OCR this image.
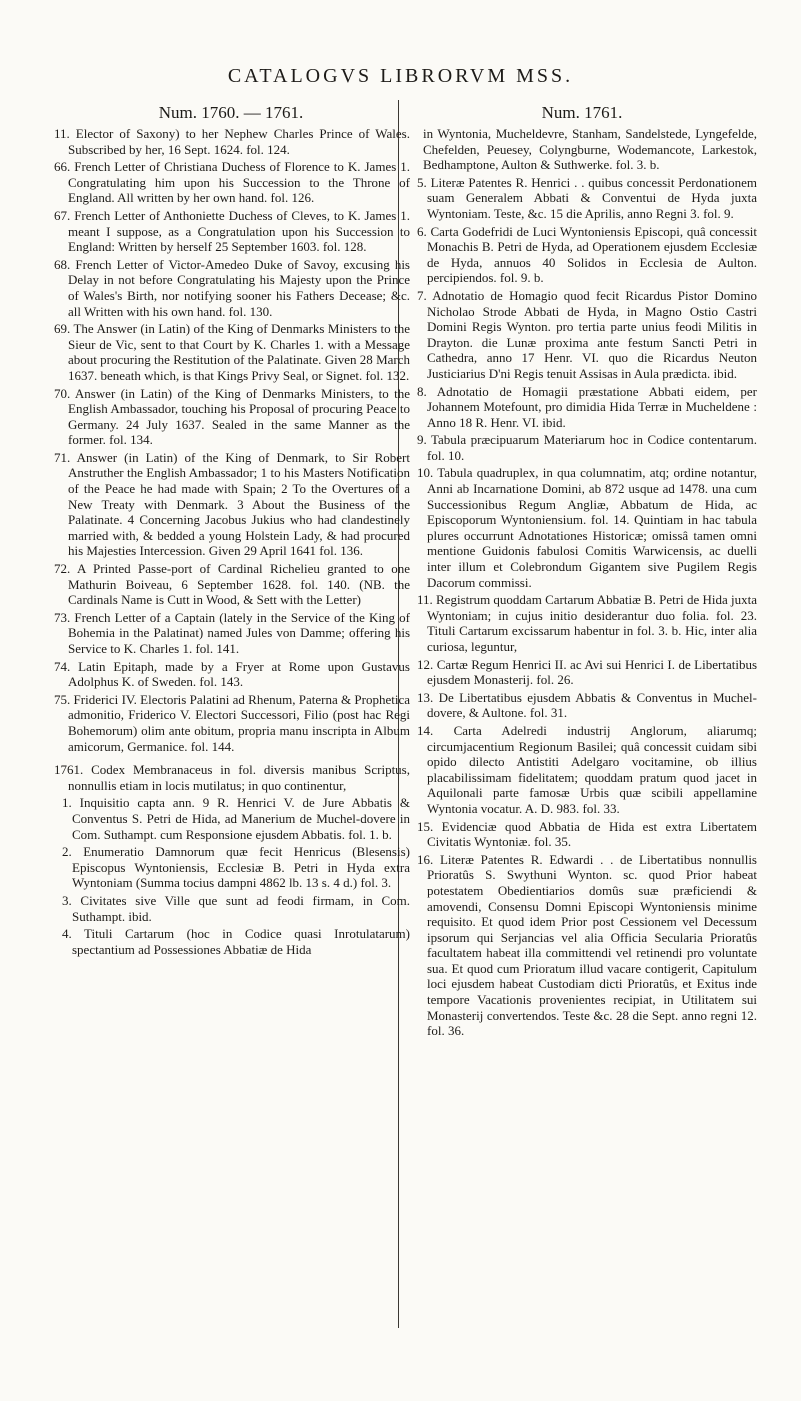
CATALOGVS LIBRORVM MSS.
Num. 1760. — 1761.
11. Elector of Saxony) to her Nephew Charles Prince of Wales. Subscribed by her, 16 Sept. 1624. fol. 124.
66. French Letter of Christiana Duchess of Florence to K. James 1. Congratulating him upon his Succession to the Throne of England. All written by her own hand. fol. 126.
67. French Letter of Anthoniette Duchess of Cleves, to K. James 1. meant I suppose, as a Congratulation upon his Succession to England: Written by herself 25 September 1603. fol. 128.
68. French Letter of Victor-Amedeo Duke of Savoy, excusing his Delay in not before Congratulating his Majesty upon the Prince of Wales's Birth, nor notifying sooner his Fathers Decease; &c. all Written with his own hand. fol. 130.
69. The Answer (in Latin) of the King of Denmarks Ministers to the Sieur de Vic, sent to that Court by K. Charles 1. with a Message about procuring the Restitution of the Palatinate. Given 28 March 1637. beneath which, is that Kings Privy Seal, or Signet. fol. 132.
70. Answer (in Latin) of the King of Denmarks Ministers, to the English Ambassador, touching his Proposal of procuring Peace to Germany. 24 July 1637. Sealed in the same Manner as the former. fol. 134.
71. Answer (in Latin) of the King of Denmark, to Sir Robert Anstruther the English Ambassador; 1 to his Masters Notification of the Peace he had made with Spain; 2 To the Overtures of a New Treaty with Denmark. 3 About the Business of the Palatinate. 4 Concerning Jacobus Jukius who had clandestinely married with, & bedded a young Holstein Lady, & had procured his Majesties Intercession. Given 29 April 1641 fol. 136.
72. A Printed Passe-port of Cardinal Richelieu granted to one Mathurin Boiveau, 6 September 1628. fol. 140. (NB. the Cardinals Name is Cutt in Wood, & Sett with the Letter)
73. French Letter of a Captain (lately in the Service of the King of Bohemia in the Palatinat) named Jules von Damme; offering his Service to K. Charles 1. fol. 141.
74. Latin Epitaph, made by a Fryer at Rome upon Gustavus Adolphus K. of Sweden. fol. 143.
75. Friderici IV. Electoris Palatini ad Rhenum, Paterna & Prophetica admonitio, Friderico V. Electori Successori, Filio (post hac Regi Bohemorum) olim ante obitum, propria manu inscripta in Album amicorum, Germanice. fol. 144.
1761. Codex Membranaceus in fol. diversis manibus Scriptus, nonnullis etiam in locis mutilatus; in quo continentur,
1. Inquisitio capta ann. 9 R. Henrici V. de Jure Abbatis & Conventus S. Petri de Hida, ad Manerium de Muchel-dovere in Com. Suthampt. cum Responsione ejusdem Abbatis. fol. 1. b.
2. Enumeratio Damnorum quæ fecit Henricus (Blesensis) Episcopus Wyntoniensis, Ecclesiæ B. Petri in Hyda extra Wyntoniam (Summa tocius dampni 4862 lb. 13 s. 4 d.) fol. 3.
3. Civitates sive Ville que sunt ad feodi firmam, in Com. Suthampt. ibid.
4. Tituli Cartarum (hoc in Codice quasi Inrotulatarum) spectantium ad Possessiones Abbatiæ de Hida
Num. 1761.
in Wyntonia, Mucheldevre, Stanham, Sandelstede, Lyngefelde, Chefelden, Peuesey, Colyngburne, Wodemancote, Larkestok, Bedhamptone, Aulton & Suthwerke. fol. 3. b.
5. Literæ Patentes R. Henrici . . quibus concessit Perdonationem suam Generalem Abbati & Conventui de Hyda juxta Wyntoniam. Teste, &c. 15 die Aprilis, anno Regni 3. fol. 9.
6. Carta Godefridi de Luci Wyntoniensis Episcopi, quâ concessit Monachis B. Petri de Hyda, ad Operationem ejusdem Ecclesiæ de Hyda, annuos 40 Solidos in Ecclesia de Aulton. percipiendos. fol. 9. b.
7. Adnotatio de Homagio quod fecit Ricardus Pistor Domino Nicholao Strode Abbati de Hyda, in Magno Ostio Castri Domini Regis Wynton. pro tertia parte unius feodi Militis in Drayton. die Lunæ proxima ante festum Sancti Petri in Cathedra, anno 17 Henr. VI. quo die Ricardus Neuton Justiciarius D'ni Regis tenuit Assisas in Aula prædicta. ibid.
8. Adnotatio de Homagii præstatione Abbati eidem, per Johannem Motefount, pro dimidia Hida Terræ in Mucheldene : Anno 18 R. Henr. VI. ibid.
9. Tabula præcipuarum Materiarum hoc in Codice contentarum. fol. 10.
10. Tabula quadruplex, in qua columnatim, atq; ordine notantur, Anni ab Incarnatione Domini, ab 872 usque ad 1478. una cum Successionibus Regum Angliæ, Abbatum de Hida, ac Episcoporum Wyntoniensium. fol. 14. Quintiam in hac tabula plures occurrunt Adnotationes Historicæ; omissâ tamen omni mentione Guidonis fabulosi Comitis Warwicensis, ac duelli inter illum et Colebrondum Gigantem sive Pugilem Regis Dacorum commissi.
11. Registrum quoddam Cartarum Abbatiæ B. Petri de Hida juxta Wyntoniam; in cujus initio desiderantur duo folia. fol. 23. Tituli Cartarum excissarum habentur in fol. 3. b. Hic, inter alia curiosa, leguntur,
12. Cartæ Regum Henrici II. ac Avi sui Henrici I. de Libertatibus ejusdem Monasterij. fol. 26.
13. De Libertatibus ejusdem Abbatis & Conventus in Muchel-dovere, & Aultone. fol. 31.
14. Carta Adelredi industrij Anglorum, aliarumq; circumjacentium Regionum Basilei; quâ concessit cuidam sibi opido dilecto Antistiti Adelgaro vocitamine, ob illius placabilissimam fidelitatem; quoddam pratum quod jacet in Aquilonali parte famosæ Urbis quæ scibili appellamine Wyntonia vocatur. A. D. 983. fol. 33.
15. Evidenciæ quod Abbatia de Hida est extra Libertatem Civitatis Wyntoniæ. fol. 35.
16. Literæ Patentes R. Edwardi . . de Libertatibus nonnullis Prioratûs S. Swythuni Wynton. sc. quod Prior habeat potestatem Obedientiarios domûs suæ præficiendi & amovendi, Consensu Domni Episcopi Wyntoniensis minime requisito. Et quod idem Prior post Cessionem vel Decessum ipsorum qui Serjancias vel alia Officia Secularia Prioratûs facultatem habeat illa committendi vel retinendi pro voluntate sua. Et quod cum Prioratum illud vacare contigerit, Capitulum loci ejusdem habeat Custodiam dicti Prioratûs, et Exitus inde tempore Vacationis provenientes recipiat, in Utilitatem sui Monasterij convertendos. Teste &c. 28 die Sept. anno regni 12. fol. 36.
